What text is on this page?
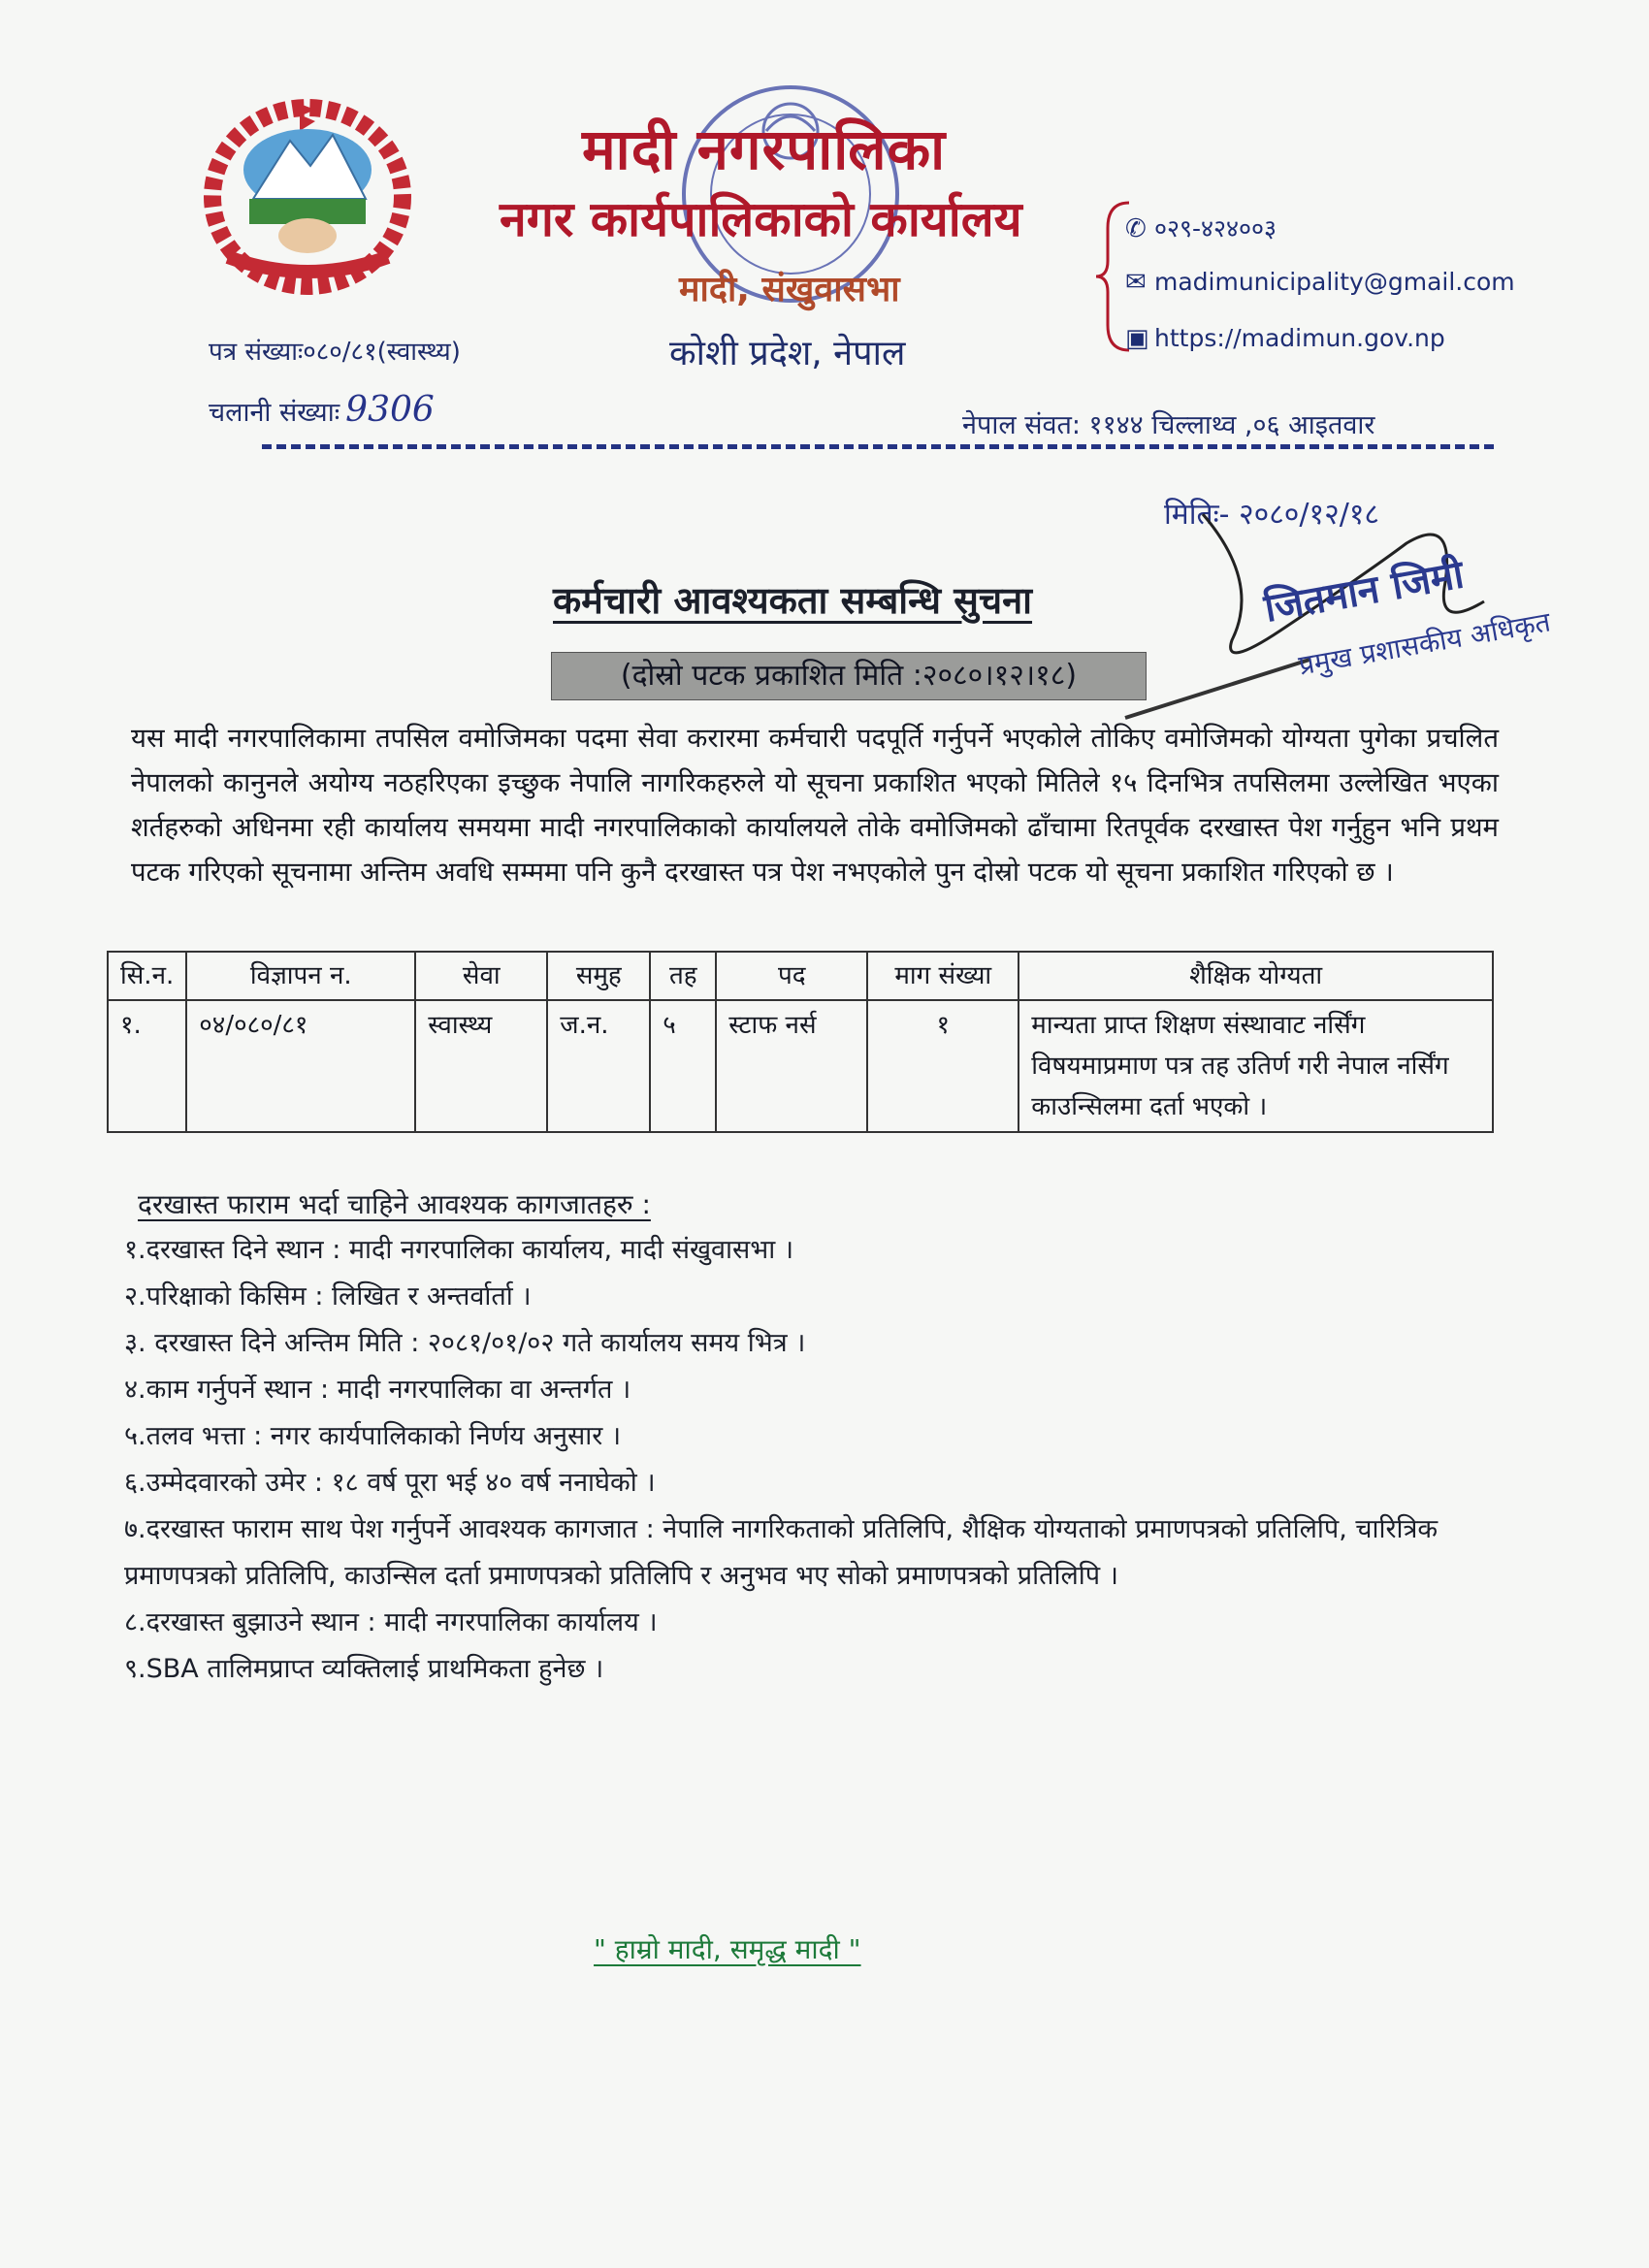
मादी नगरपालिका
नगर कार्यपालिकाको कार्यालय
मादी, संखुवासभा
कोशी प्रदेश, नेपाल
✆ ०२९-४२४००३
✉ madimunicipality@gmail.com
▣ https://madimun.gov.np
पत्र संख्याः०८०/८१(स्वास्थ्य)
चलानी संख्याः 9306	नेपाल संवत: ११४४ चिल्लाथ्व ,०६ आइतवार
मितिः- २०८०/१२/१८
जितमान जिमी
प्रमुख प्रशासकीय अधिकृत
कर्मचारी आवश्यकता सम्बन्धि सुचना
(दोस्रो पटक प्रकाशित मिति :२०८०।१२।१८)
यस मादी नगरपालिकामा तपसिल वमोजिमका पदमा सेवा करारमा कर्मचारी पदपूर्ति गर्नुपर्ने भएकोले तोकिए वमोजिमको योग्यता पुगेका प्रचलित नेपालको कानुनले अयोग्य नठहरिएका इच्छुक नेपालि नागरिकहरुले यो सूचना प्रकाशित भएको मितिले १५ दिनभित्र तपसिलमा उल्लेखित भएका शर्तहरुको अधिनमा रही कार्यालय समयमा मादी नगरपालिकाको कार्यालयले तोके वमोजिमको ढाँचामा रितपूर्वक दरखास्त पेश गर्नुहुन भनि प्रथम पटक गरिएको सूचनामा अन्तिम अवधि सम्ममा पनि कुनै दरखास्त पत्र पेश नभएकोले पुन दोस्रो पटक यो सूचना प्रकाशित गरिएको छ ।
सि.न.	विज्ञापन न.	सेवा	समुह	तह	पद	माग संख्या	शैक्षिक योग्यता
१.	०४/०८०/८१	स्वास्थ्य	ज.न.	५	स्टाफ नर्स	१	मान्यता प्राप्त शिक्षण संस्थावाट नर्सिंग विषयमाप्रमाण पत्र तह उतिर्ण गरी नेपाल नर्सिंग काउन्सिलमा दर्ता भएको ।
दरखास्त फाराम भर्दा चाहिने आवश्यक कागजातहरु :
१.दरखास्त दिने स्थान : मादी नगरपालिका कार्यालय, मादी संखुवासभा ।
२.परिक्षाको किसिम : लिखित र अन्तर्वार्ता ।
३. दरखास्त दिने अन्तिम मिति : २०८१/०१/०२ गते कार्यालय समय भित्र ।
४.काम गर्नुपर्ने स्थान : मादी नगरपालिका वा अन्तर्गत ।
५.तलव भत्ता : नगर कार्यपालिकाको निर्णय अनुसार ।
६.उम्मेदवारको उमेर : १८ वर्ष पूरा भई ४० वर्ष ननाघेको ।
७.दरखास्त फाराम साथ पेश गर्नुपर्ने आवश्यक कागजात : नेपालि नागरिकताको प्रतिलिपि, शैक्षिक योग्यताको प्रमाणपत्रको प्रतिलिपि, चारित्रिक प्रमाणपत्रको प्रतिलिपि, काउन्सिल दर्ता प्रमाणपत्रको प्रतिलिपि र अनुभव भए सोको प्रमाणपत्रको प्रतिलिपि ।
८.दरखास्त बुझाउने स्थान : मादी नगरपालिका कार्यालय ।
९.SBA तालिमप्राप्त व्यक्तिलाई प्राथमिकता हुनेछ ।
" हाम्रो मादी, समृद्ध मादी "
